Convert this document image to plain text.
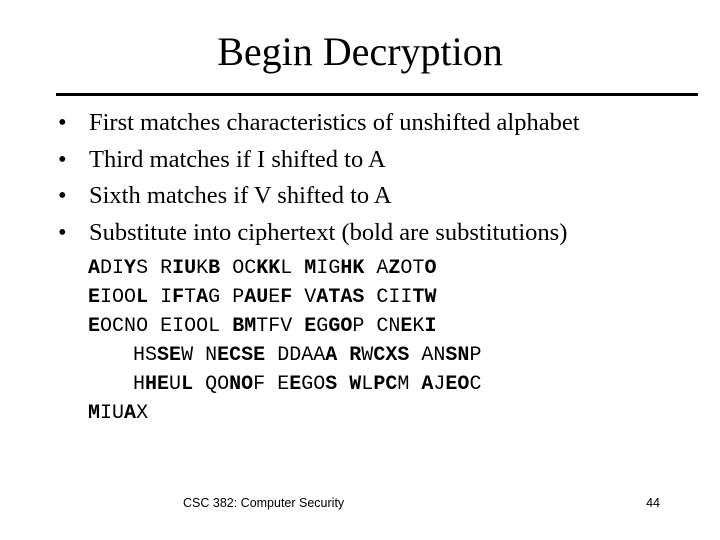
Begin Decryption
• First matches characteristics of unshifted alphabet
• Third matches if I shifted to A
• Sixth matches if V shifted to A
• Substitute into ciphertext (bold are substitutions)
ADIYS RIUKB OCKKL MIGHK AZOTO
EIOOL IFTAG PAUEF VATAS CIITW
EOCNO EIOOL BMTFV EGGOP CNEKI
HSSEW NECSE DDAAA RWCXS ANSNP
HHEUL QONOF EEGOS WLPCM AJEOC
MIUAX
CSC 382: Computer Security	44
